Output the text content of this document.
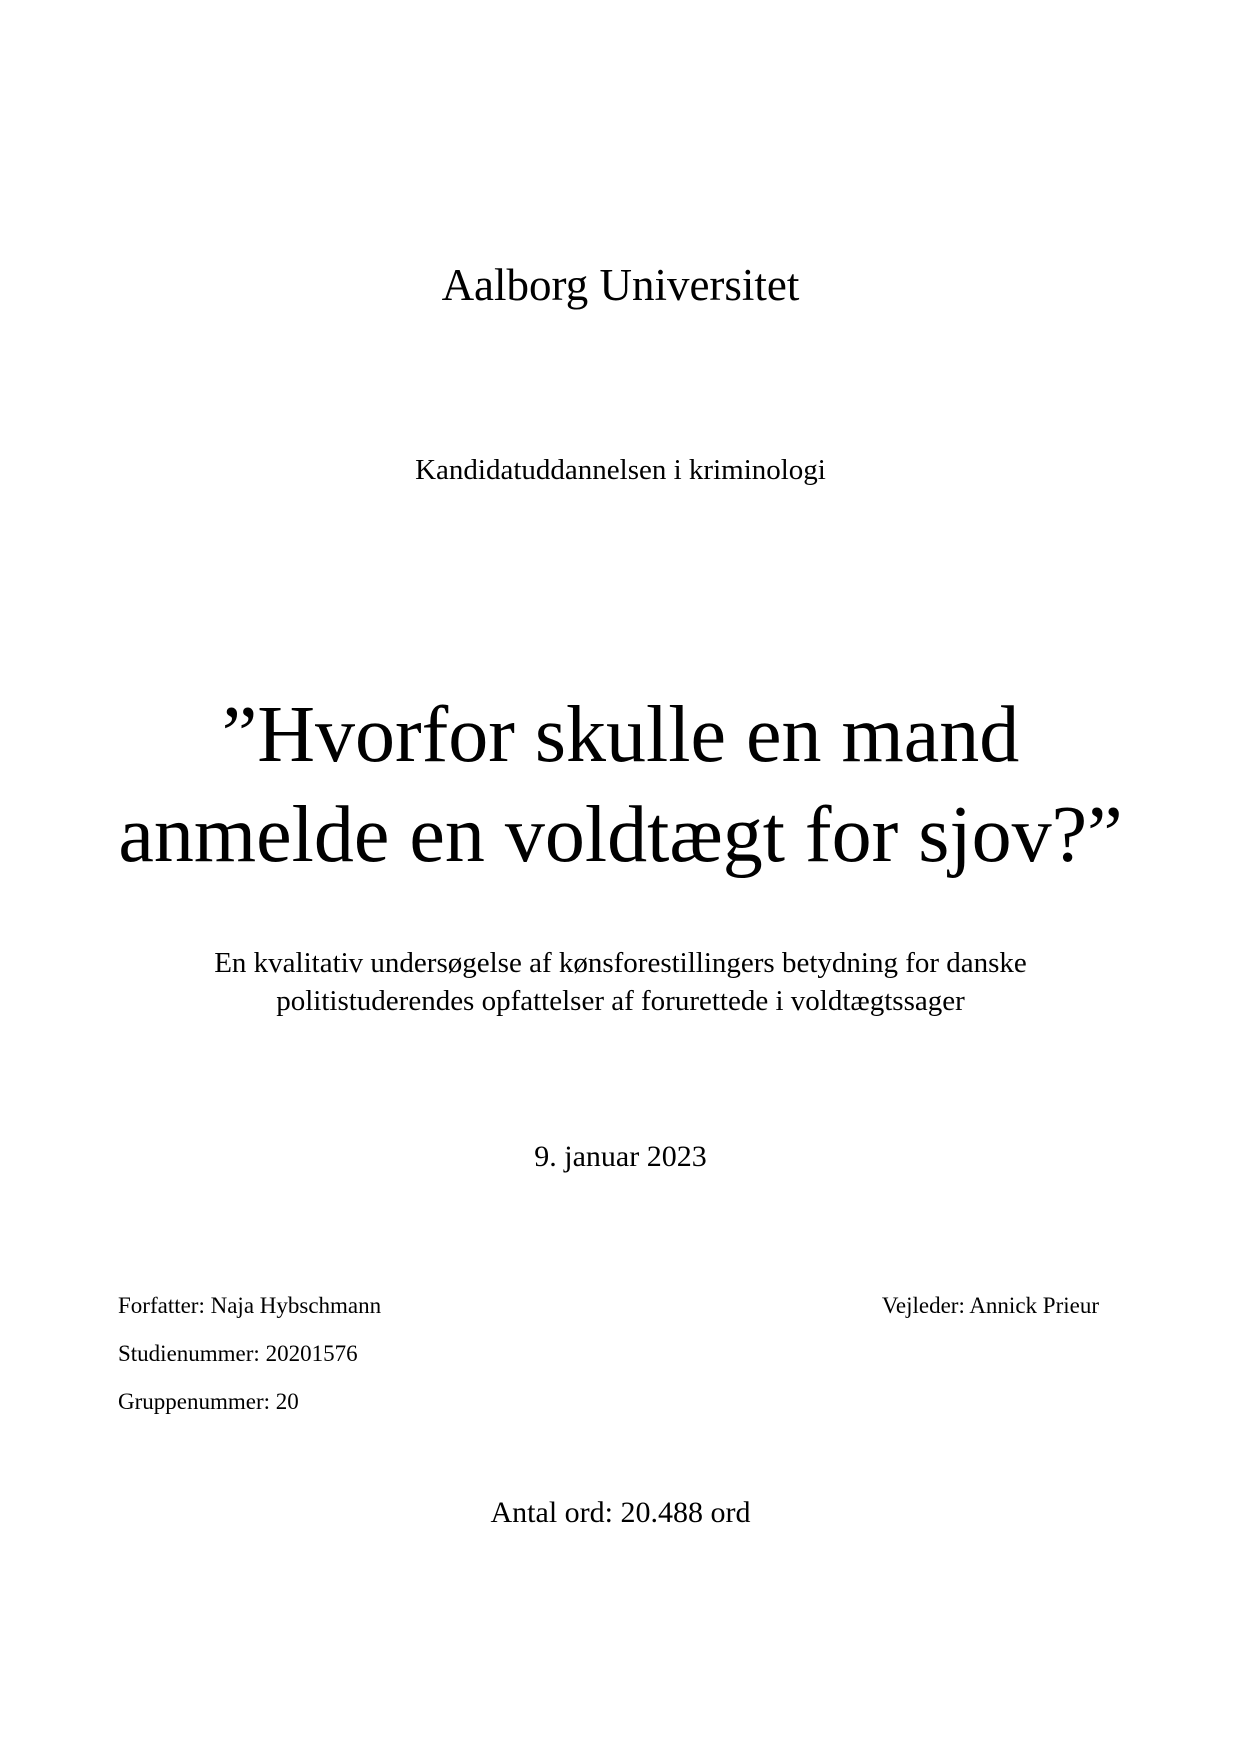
Aalborg Universitet
Kandidatuddannelsen i kriminologi
”Hvorfor skulle en mand
anmelde en voldtægt for sjov?”
En kvalitativ undersøgelse af kønsforestillingers betydning for danske
politistuderendes opfattelser af forurettede i voldtægtssager
9. januar 2023
Forfatter: Naja Hybschmann
Studienummer: 20201576
Gruppenummer: 20
Vejleder: Annick Prieur
Antal ord: 20.488 ord
